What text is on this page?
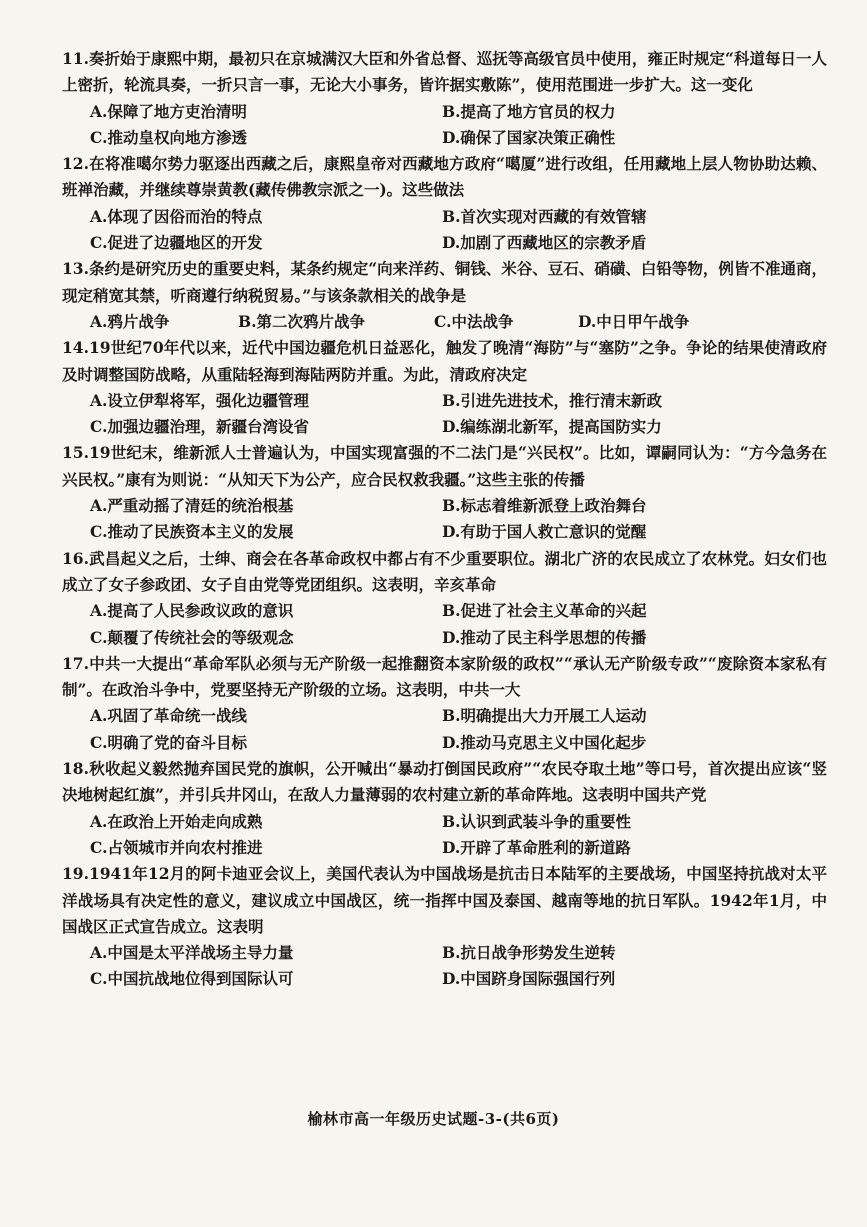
11.奏折始于康熙中期，最初只在京城满汉大臣和外省总督、巡抚等高级官员中使用，雍正时规定“科道每日一人上密折，轮流具奏，一折只言一事，无论大小事务，皆许据实敷陈”，使用范围进一步扩大。这一变化
A.保障了地方吏治清明	B.提高了地方官员的权力
C.推动皇权向地方渗透	D.确保了国家决策正确性
12.在将准噶尔势力驱逐出西藏之后，康熙皇帝对西藏地方政府“噶厦”进行改组，任用藏地上层人物协助达赖、班禅治藏，并继续尊崇黄教(藏传佛教宗派之一)。这些做法
A.体现了因俗而治的特点	B.首次实现对西藏的有效管辖
C.促进了边疆地区的开发	D.加剧了西藏地区的宗教矛盾
13.条约是研究历史的重要史料，某条约规定“向来洋药、铜钱、米谷、豆石、硝磺、白铅等物，例皆不准通商，现定稍宽其禁，听商遵行纳税贸易。”与该条款相关的战争是
A.鸦片战争	B.第二次鸦片战争	C.中法战争	D.中日甲午战争
14.19世纪70年代以来，近代中国边疆危机日益恶化，触发了晚清“海防”与“塞防”之争。争论的结果使清政府及时调整国防战略，从重陆轻海到海陆两防并重。为此，清政府决定
A.设立伊犁将军，强化边疆管理	B.引进先进技术，推行清末新政
C.加强边疆治理，新疆台湾设省	D.编练湖北新军，提高国防实力
15.19世纪末，维新派人士普遍认为，中国实现富强的不二法门是“兴民权”。比如，谭嗣同认为：“方今急务在兴民权。”康有为则说：“从知天下为公产，应合民权救我疆。”这些主张的传播
A.严重动摇了清廷的统治根基	B.标志着维新派登上政治舞台
C.推动了民族资本主义的发展	D.有助于国人救亡意识的觉醒
16.武昌起义之后，士绅、商会在各革命政权中都占有不少重要职位。湖北广济的农民成立了农林党。妇女们也成立了女子参政团、女子自由党等党团组织。这表明，辛亥革命
A.提高了人民参政议政的意识	B.促进了社会主义革命的兴起
C.颠覆了传统社会的等级观念	D.推动了民主科学思想的传播
17.中共一大提出“革命军队必须与无产阶级一起推翻资本家阶级的政权”“承认无产阶级专政”“废除资本家私有制”。在政治斗争中，党要坚持无产阶级的立场。这表明，中共一大
A.巩固了革命统一战线	B.明确提出大力开展工人运动
C.明确了党的奋斗目标	D.推动马克思主义中国化起步
18.秋收起义毅然抛弃国民党的旗帜，公开喊出“暴动打倒国民政府”“农民夺取土地”等口号，首次提出应该“竖决地树起红旗”，并引兵井冈山，在敌人力量薄弱的农村建立新的革命阵地。这表明中国共产党
A.在政治上开始走向成熟	B.认识到武装斗争的重要性
C.占领城市并向农村推进	D.开辟了革命胜利的新道路
19.1941年12月的阿卡迪亚会议上，美国代表认为中国战场是抗击日本陆军的主要战场，中国坚持抗战对太平洋战场具有决定性的意义，建议成立中国战区，统一指挥中国及泰国、越南等地的抗日军队。1942年1月，中国战区正式宣告成立。这表明
A.中国是太平洋战场主导力量	B.抗日战争形势发生逆转
C.中国抗战地位得到国际认可	D.中国跻身国际强国行列
榆林市高一年级历史试题-3-(共6页)
